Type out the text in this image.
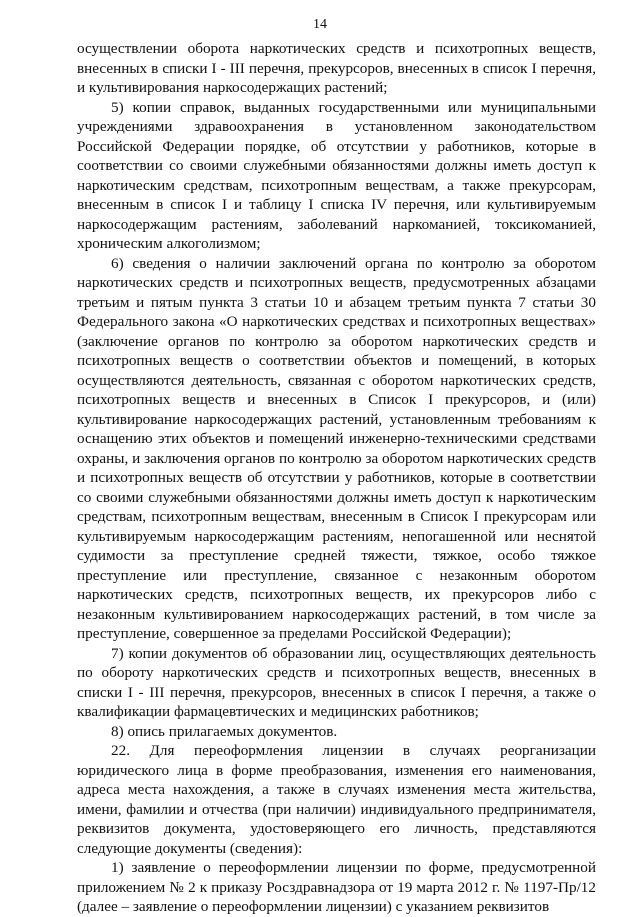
14

осуществлении оборота наркотических средств и психотропных веществ, внесенных в списки I - III перечня, прекурсоров, внесенных в список I перечня, и культивирования наркосодержащих растений;

5) копии справок, выданных государственными или муниципальными учреждениями здравоохранения в установленном законодательством Российской Федерации порядке, об отсутствии у работников, которые в соответствии со своими служебными обязанностями должны иметь доступ к наркотическим средствам, психотропным веществам, а также прекурсорам, внесенным в список I и таблицу I списка IV перечня, или культивируемым наркосодержащим растениям, заболеваний наркоманией, токсикоманией, хроническим алкоголизмом;

6) сведения о наличии заключений органа по контролю за оборотом наркотических средств и психотропных веществ, предусмотренных абзацами третьим и пятым пункта 3 статьи 10 и абзацем третьим пункта 7 статьи 30 Федерального закона «О наркотических средствах и психотропных веществах» (заключение органов по контролю за оборотом наркотических средств и психотропных веществ о соответствии объектов и помещений, в которых осуществляются деятельность, связанная с оборотом наркотических средств, психотропных веществ и внесенных в Список I прекурсоров, и (или) культивирование наркосодержащих растений, установленным требованиям к оснащению этих объектов и помещений инженерно-техническими средствами охраны, и заключения органов по контролю за оборотом наркотических средств и психотропных веществ об отсутствии у работников, которые в соответствии со своими служебными обязанностями должны иметь доступ к наркотическим средствам, психотропным веществам, внесенным в Список I прекурсорам или культивируемым наркосодержащим растениям, непогашенной или неснятой судимости за преступление средней тяжести, тяжкое, особо тяжкое преступление или преступление, связанное с незаконным оборотом наркотических средств, психотропных веществ, их прекурсоров либо с незаконным культивированием наркосодержащих растений, в том числе за преступление, совершенное за пределами Российской Федерации);

7) копии документов об образовании лиц, осуществляющих деятельность по обороту наркотических средств и психотропных веществ, внесенных в списки I - III перечня, прекурсоров, внесенных в список I перечня, а также о квалификации фармацевтических и медицинских работников;

8) опись прилагаемых документов.

22. Для переоформления лицензии в случаях реорганизации юридического лица в форме преобразования, изменения его наименования, адреса места нахождения, а также в случаях изменения места жительства, имени, фамилии и отчества (при наличии) индивидуального предпринимателя, реквизитов документа, удостоверяющего его личность, представляются следующие документы (сведения):

1) заявление о переоформлении лицензии по форме, предусмотренной приложением № 2 к приказу Росздравнадзора от 19 марта 2012 г. № 1197-Пр/12 (далее – заявление о переоформлении лицензии) с указанием реквизитов
